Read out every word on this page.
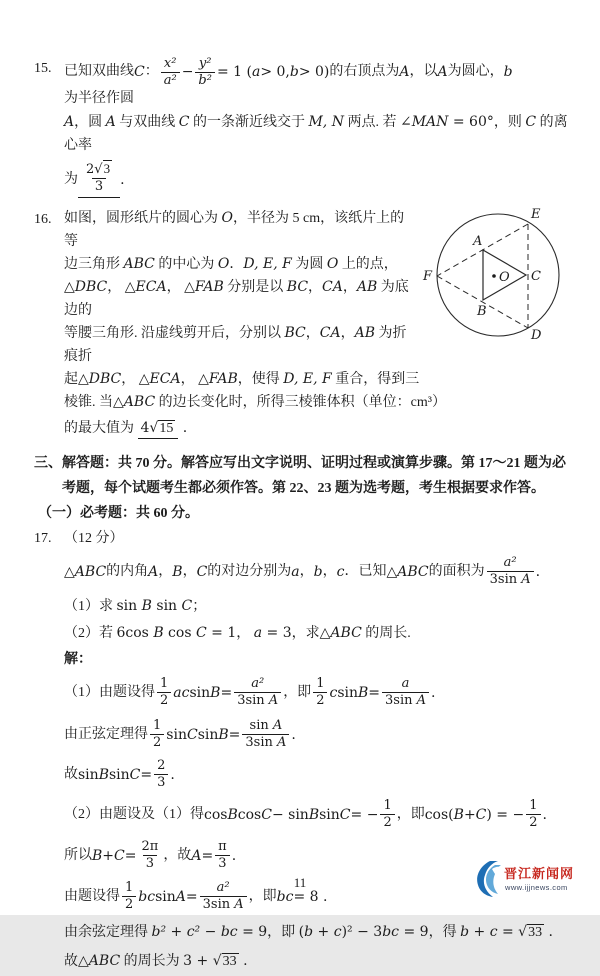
15. 已知双曲线 C ： $\frac{\text{x²}}{\text{a²}} - \frac{\text{y²}}{\text{b²}} = 1$ ( a > 0, b > 0) 的右顶点为 A ，以 A 为圆心， b
为半径作圆
A，圆 A 与双曲线 C 的一条渐近线交于 M, N 两点. 若 ∠MAN = 60°，则 C 的离心率
为 $\frac{2√3}{3}$ .
16.
O
A
B
C
D
E
F
如图，圆形纸片的圆心为 O，半径为 5 cm，该纸片上的等
边三角形 ABC 的中心为 O．D, E, F 为圆 O 上的点，
△DBC， △ECA， △FAB 分别是以 BC，CA，AB 为底边的
等腰三角形. 沿虚线剪开后，分别以 BC，CA，AB 为折痕折
起△DBC， △ECA， △FAB，使得 D, E, F 重合，得到三
棱锥. 当△ABC 的边长变化时，所得三棱锥体积（单位：cm³）
的最大值为 4√15 .
三、解答题：共 70 分。解答应写出文字说明、证明过程或演算步骤。第 17～21 题为必
考题，每个试题考生都必须作答。第 22、23 题为选考题，考生根据要求作答。
（一）必考题：共 60 分。
17. （12 分）
△ ABC 的内角 A ， B ， C 的对边分别为 a ， b ， c ．已知 △ ABC 的面积为 $\frac{\text{a²}}{\text{3sin A}}$ .
（1）求 sin B sin C；
（2）若 6cos B cos C = 1， a = 3，求△ABC 的周长.
解：
（1）由题设得 $\frac{1}{2}$ ac $\sin B = \frac{\text{a²}}{\text{3sin A}}$ ，即 $\frac{1}{2}$ c $\sin B = \frac{a}{\text{3sin A}}$ .
由正弦定理得 $\frac{1}{2}$ sin C $\sin B = \frac{\text{sin A}}{\text{3sin A}}$ .
故 sin B $\sin C = \frac{2}{3}$ .
（2）由题设及（1）得 cos B cos C − sin B sin C = − $\frac{1}{2}$ ，即 cos( B + C ) = − $\frac{1}{2}$ .
所以 $B + C = \frac{2\pi}{3}$ ，故 $A = \frac{\pi}{3}$ .
由题设得 $\frac{1}{2}$ bc $\sin A = \frac{\text{a²}}{\text{3sin A}}$ ，即 bc = 8 .
由余弦定理得 b² + c² − bc = 9，即 (b + c)² − 3bc = 9，得 b + c = √33 .
故△ABC 的周长为 3 + √33 .
11
晋江新闻网
www.ijjnews.com
